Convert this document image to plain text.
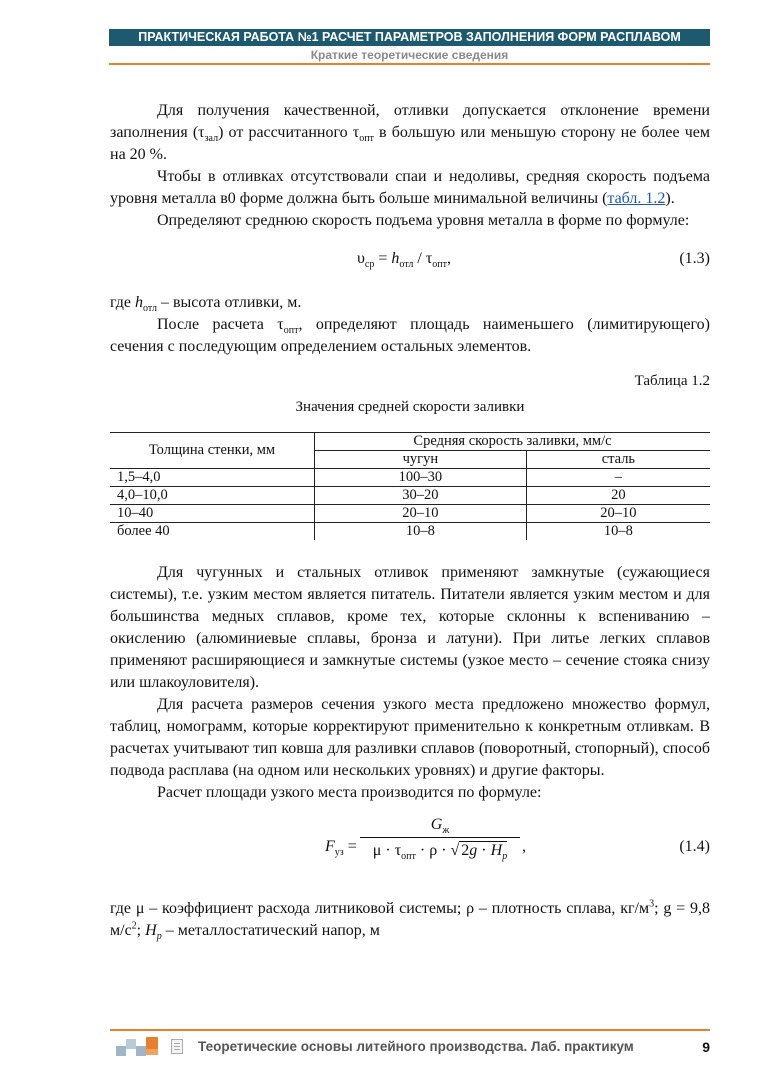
ПРАКТИЧЕСКАЯ РАБОТА №1 РАСЧЕТ ПАРАМЕТРОВ ЗАПОЛНЕНИЯ ФОРМ РАСПЛАВОМ
Краткие теоретические сведения

Для получения качественной, отливки допускается отклонение времени заполнения $(\tau_{зал})$ от рассчитанного $\tau_{опт}$ в большую или меньшую сторону не более чем на 20 %.

Чтобы в отливках отсутствовали спаи и недоливы, средняя скорость подъема уровня металла в0 форме должна быть больше минимальной величины (табл. 1.2).

Определяют среднюю скорость подъема уровня металла в форме по формуле:

$\upsilon_{ср} = h_{отл} / \tau_{опт}$,	(1.3)

где $h_{отл}$ – высота отливки, м.

После расчета $\tau_{опт}$, определяют площадь наименьшего (лимитирующего) сечения с последующим определением остальных элементов.

Таблица 1.2
Значения средней скорости заливки
Толщина стенки, мм	Средняя скорость заливки, мм/с	
	чугун	сталь
1,5–4,0	100–30	–
4,0–10,0	30–20	20
10–40	20–10	20–10
более 40	10–8	10–8

Для чугунных и стальных отливок применяют замкнутые (сужающиеся системы), т.е. узким местом является питатель. Питатели является узким местом и для большинства медных сплавов, кроме тех, которые склонны к вспениванию – окислению (алюминиевые сплавы, бронза и латуни). При литье легких сплавов применяют расширяющиеся и замкнутые системы (узкое место – сечение стояка снизу или шлакоуловителя).

Для расчета размеров сечения узкого места предложено множество формул, таблиц, номограмм, которые корректируют применительно к конкретным отливкам. В расчетах учитывают тип ковша для разливки сплавов (поворотный, стопорный), способ подвода расплава (на одном или нескольких уровнях) и другие факторы.

Расчет площади узкого места производится по формуле:

$F_{уз}$ =
$G_ж$
$\mu \cdot \tau_{опт} \cdot \rho$ · √ $2g \cdot H_p$
,	(1.4)

где μ – коэффициент расхода литниковой системы; ρ – плотность сплава, $кг/м^3$; g = 9,8 $м/с^2$; $H_р$ – металлостатический напор, м

Теоретические основы литейного производства. Лаб. практикум	9
